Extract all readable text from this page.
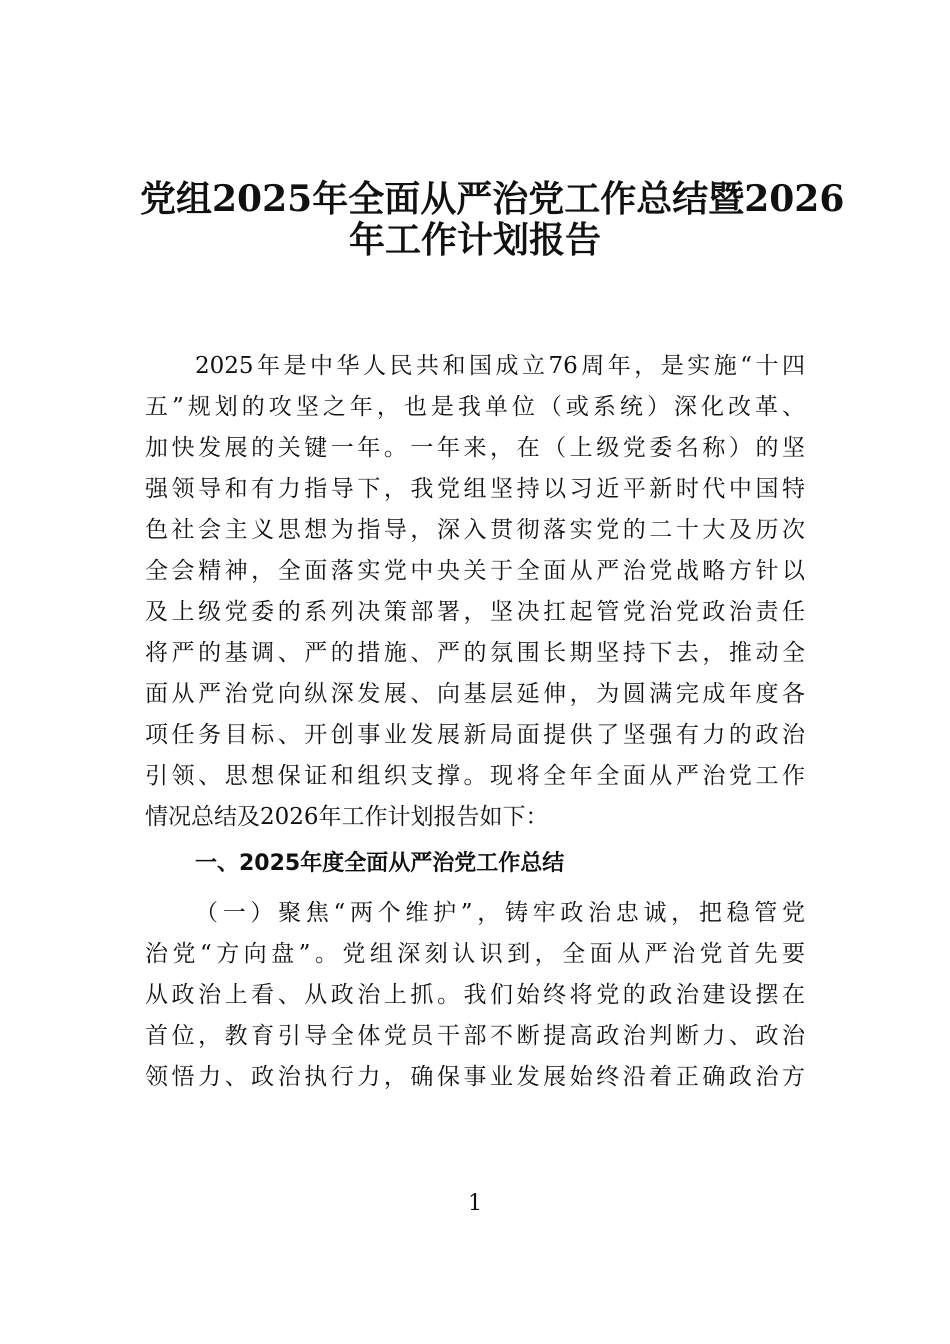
党组2025年全面从严治党工作总结暨2026
年工作计划报告
2025年是中华人民共和国成立76周年，是实施“十四
五”规划的攻坚之年，也是我单位（或系统）深化改革、
加快发展的关键一年。一年来，在（上级党委名称）的坚
强领导和有力指导下，我党组坚持以习近平新时代中国特
色社会主义思想为指导，深入贯彻落实党的二十大及历次
全会精神，全面落实党中央关于全面从严治党战略方针以
及上级党委的系列决策部署，坚决扛起管党治党政治责任
将严的基调、严的措施、严的氛围长期坚持下去，推动全
面从严治党向纵深发展、向基层延伸，为圆满完成年度各
项任务目标、开创事业发展新局面提供了坚强有力的政治
引领、思想保证和组织支撑。现将全年全面从严治党工作
情况总结及2026年工作计划报告如下：
一、2025年度全面从严治党工作总结
（一）聚焦“两个维护”，铸牢政治忠诚，把稳管党
治党“方向盘”。党组深刻认识到，全面从严治党首先要
从政治上看、从政治上抓。我们始终将党的政治建设摆在
首位，教育引导全体党员干部不断提高政治判断力、政治
领悟力、政治执行力，确保事业发展始终沿着正确政治方
1
